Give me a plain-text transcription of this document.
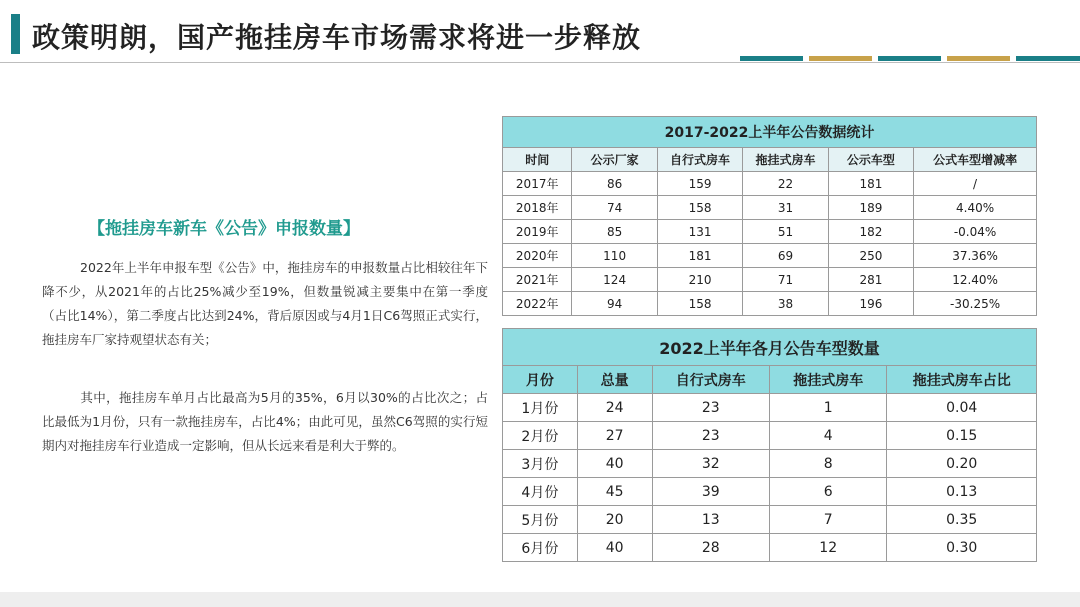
政策明朗，国产拖挂房车市场需求将进一步释放
【拖挂房车新车《公告》申报数量】
2022年上半年申报车型《公告》中，拖挂房车的申报数量占比相较往年下降不少，从2021年的占比25%减少至19%，但数量锐减主要集中在第一季度（占比14%），第二季度占比达到24%，背后原因或与4月1日C6驾照正式实行，拖挂房车厂家持观望状态有关；
其中，拖挂房车单月占比最高为5月的35%，6月以30%的占比次之；占比最低为1月份，只有一款拖挂房车，占比4%；由此可见，虽然C6驾照的实行短期内对拖挂房车行业造成一定影响，但从长远来看是利大于弊的。
2017-2022上半年公告数据统计					
时间	公示厂家	自行式房车	拖挂式房车	公示车型	公式车型增减率
2017年	86	159	22	181	/
2018年	74	158	31	189	4.40%
2019年	85	131	51	182	-0.04%
2020年	110	181	69	250	37.36%
2021年	124	210	71	281	12.40%
2022年	94	158	38	196	-30.25%
2022上半年各月公告车型数量				
月份	总量	自行式房车	拖挂式房车	拖挂式房车占比
1月份	24	23	1	0.04
2月份	27	23	4	0.15
3月份	40	32	8	0.20
4月份	45	39	6	0.13
5月份	20	13	7	0.35
6月份	40	28	12	0.30
